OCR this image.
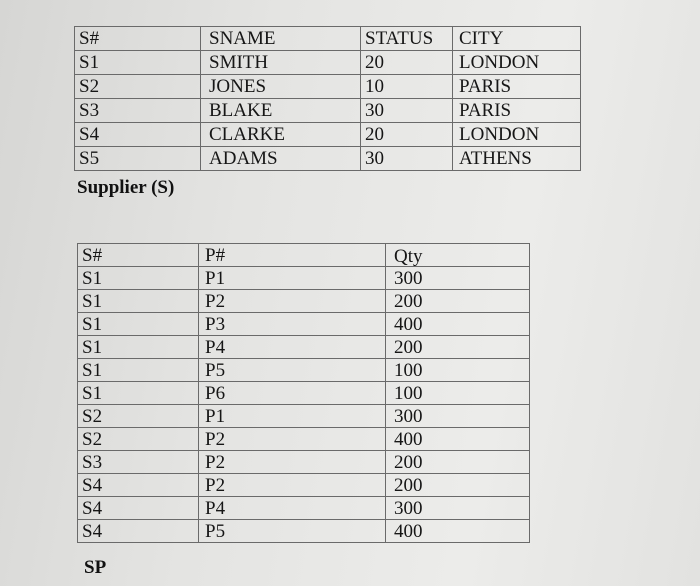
S#	SNAME	STATUS	CITY
S1	SMITH	20	LONDON
S2	JONES	10	PARIS
S3	BLAKE	30	PARIS
S4	CLARKE	20	LONDON
S5	ADAMS	30	ATHENS
Supplier (S)
S#	P#	Qty
S1	P1	300
S1	P2	200
S1	P3	400
S1	P4	200
S1	P5	100
S1	P6	100
S2	P1	300
S2	P2	400
S3	P2	200
S4	P2	200
S4	P4	300
S4	P5	400
SP
